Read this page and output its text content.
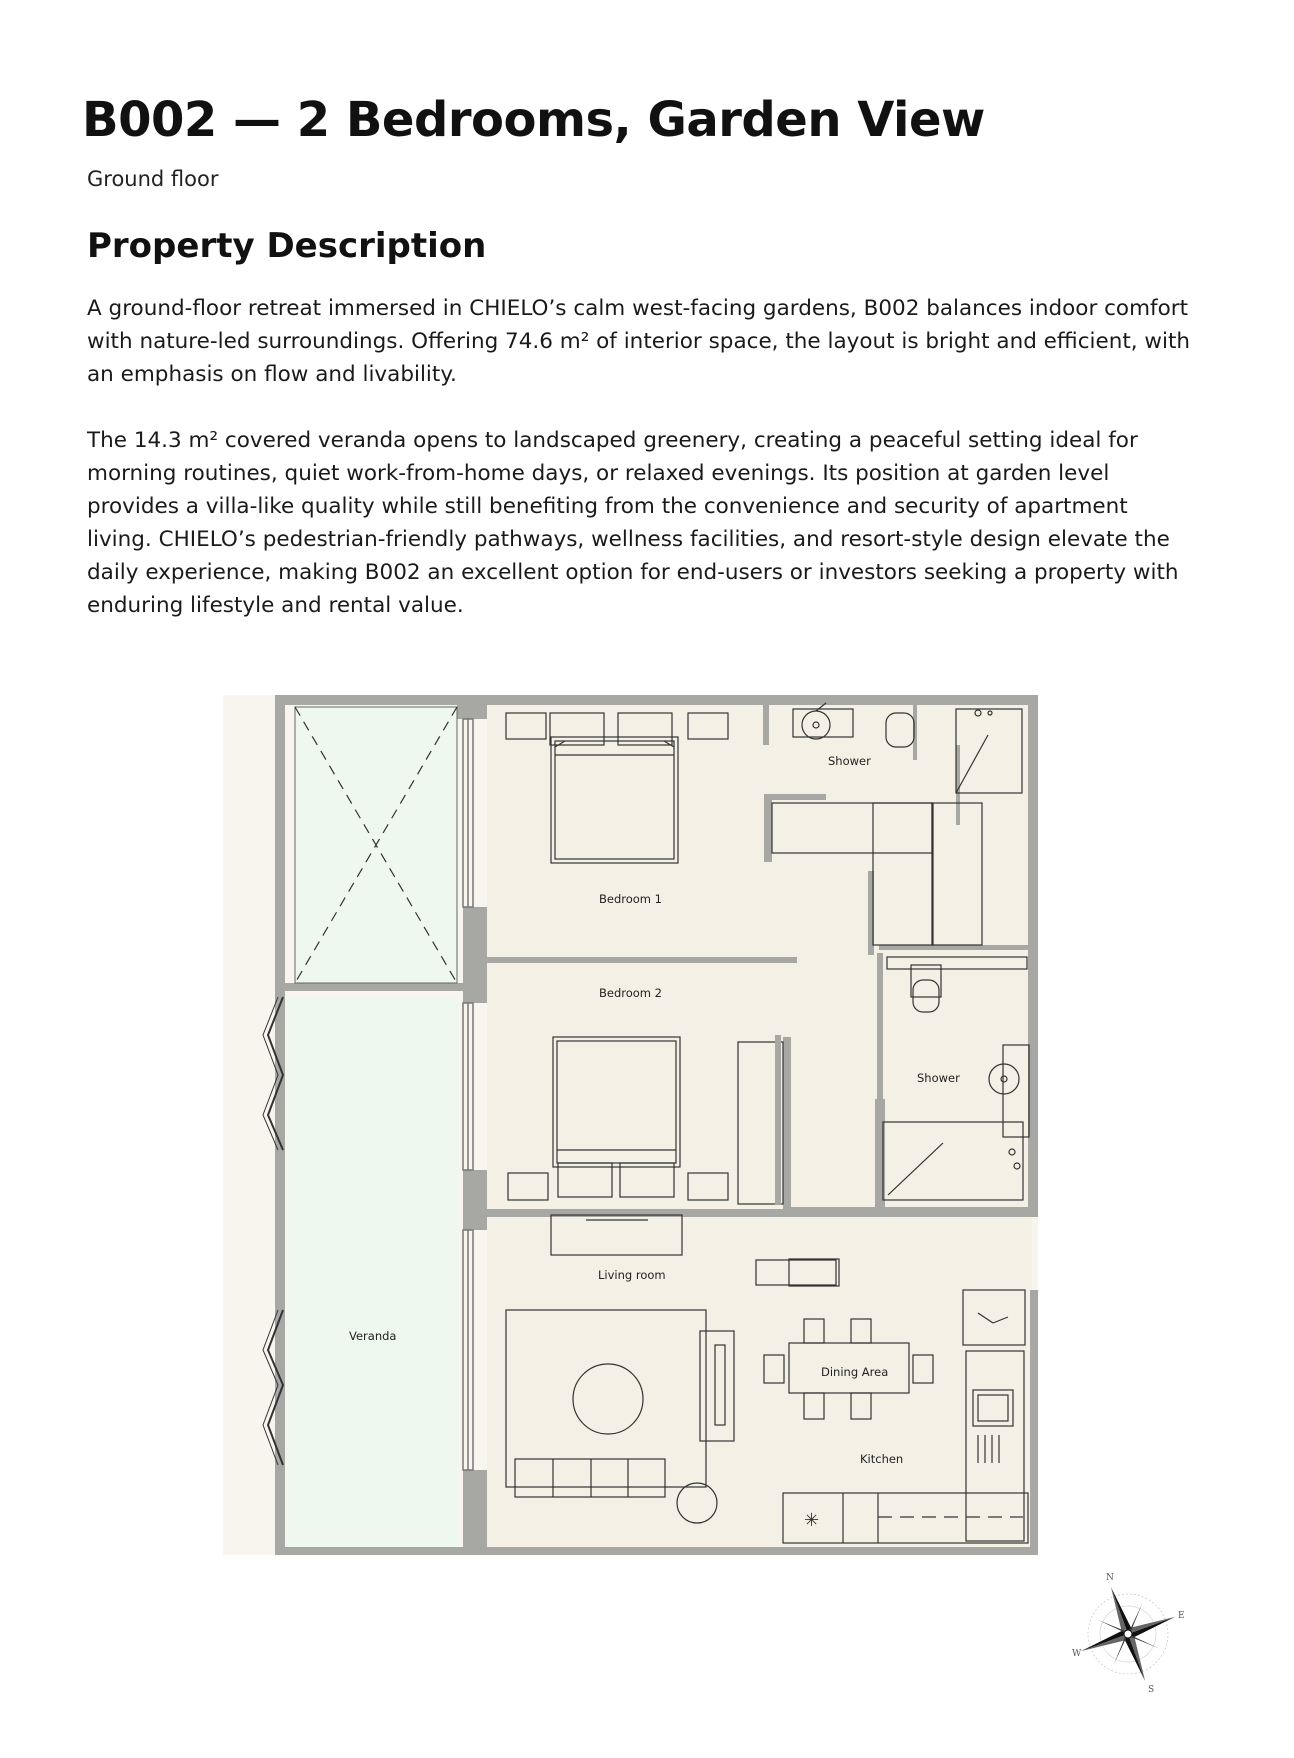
B002 — 2 Bedrooms, Garden View

Ground floor

Property Description

A ground-floor retreat immersed in CHIELO’s calm west-facing gardens, B002 balances indoor comfort with nature-led surroundings. Offering 74.6 m² of interior space, the layout is bright and efficient, with an emphasis on flow and livability.

The 14.3 m² covered veranda opens to landscaped greenery, creating a peaceful setting ideal for morning routines, quiet work-from-home days, or relaxed evenings. Its position at garden level provides a villa-like quality while still benefiting from the convenience and security of apartment living. CHIELO’s pedestrian-friendly pathways, wellness facilities, and resort-style design elevate the daily experience, making B002 an excellent option for end-users or investors seeking a property with enduring lifestyle and rental value.

✳
Shower
Bedroom 1
Bedroom 2
Shower
Living room
Veranda
Dining Area
Kitchen
N
E
S
W
